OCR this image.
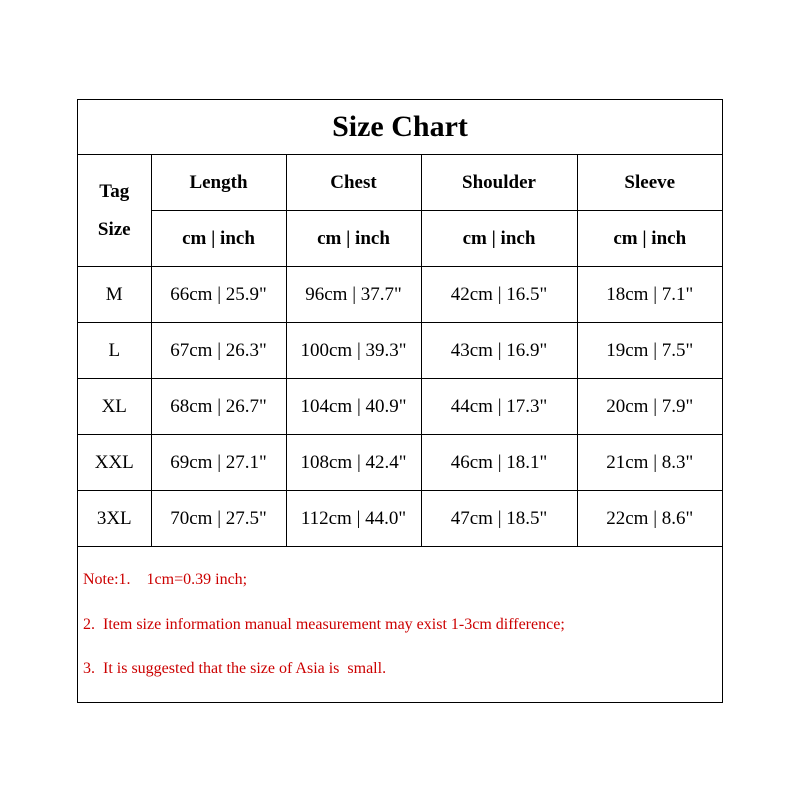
Size Chart
Tag
Size	Length	Chest	Shoulder	Sleeve
	cm | inch	cm | inch	cm | inch	cm | inch
M	66cm | 25.9"	96cm | 37.7"	42cm | 16.5"	18cm | 7.1"
L	67cm | 26.3"	100cm | 39.3"	43cm | 16.9"	19cm | 7.5"
XL	68cm | 26.7"	104cm | 40.9"	44cm | 17.3"	20cm | 7.9"
XXL	69cm | 27.1"	108cm | 42.4"	46cm | 18.1"	21cm | 8.3"
3XL	70cm | 27.5"	112cm | 44.0"	47cm | 18.5"	22cm | 8.6"
Note:1.    1cm=0.39 inch;
2.  Item size information manual measurement may exist 1-3cm difference;
3.  It is suggested that the size of Asia is  small.
